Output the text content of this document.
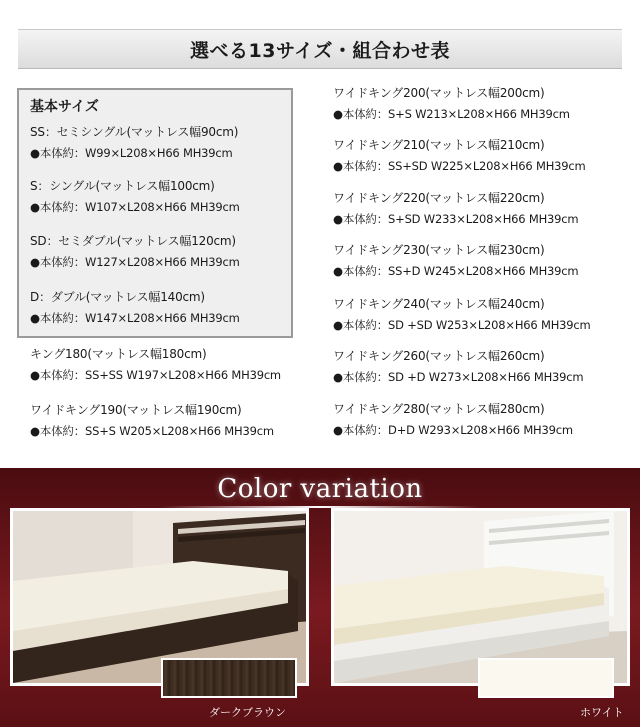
選べる13サイズ・組合わせ表
基本サイズ
SS：セミシングル(マットレス幅90cm)
●本体約：W99×L208×H66 MH39cm
S：シングル(マットレス幅100cm)
●本体約：W107×L208×H66 MH39cm
SD：セミダブル(マットレス幅120cm)
●本体約：W127×L208×H66 MH39cm
D：ダブル(マットレス幅140cm)
●本体約：W147×L208×H66 MH39cm
キング180(マットレス幅180cm)
●本体約：SS+SS W197×L208×H66 MH39cm
ワイドキング190(マットレス幅190cm)
●本体約：SS+S W205×L208×H66 MH39cm
ワイドキング200(マットレス幅200cm)
●本体約：S+S W213×L208×H66 MH39cm
ワイドキング210(マットレス幅210cm)
●本体約：SS+SD W225×L208×H66 MH39cm
ワイドキング220(マットレス幅220cm)
●本体約：S+SD W233×L208×H66 MH39cm
ワイドキング230(マットレス幅230cm)
●本体約：SS+D W245×L208×H66 MH39cm
ワイドキング240(マットレス幅240cm)
●本体約：SD +SD W253×L208×H66 MH39cm
ワイドキング260(マットレス幅260cm)
●本体約：SD +D W273×L208×H66 MH39cm
ワイドキング280(マットレス幅280cm)
●本体約：D+D W293×L208×H66 MH39cm
Color variation
ダークブラウン	ホワイト
